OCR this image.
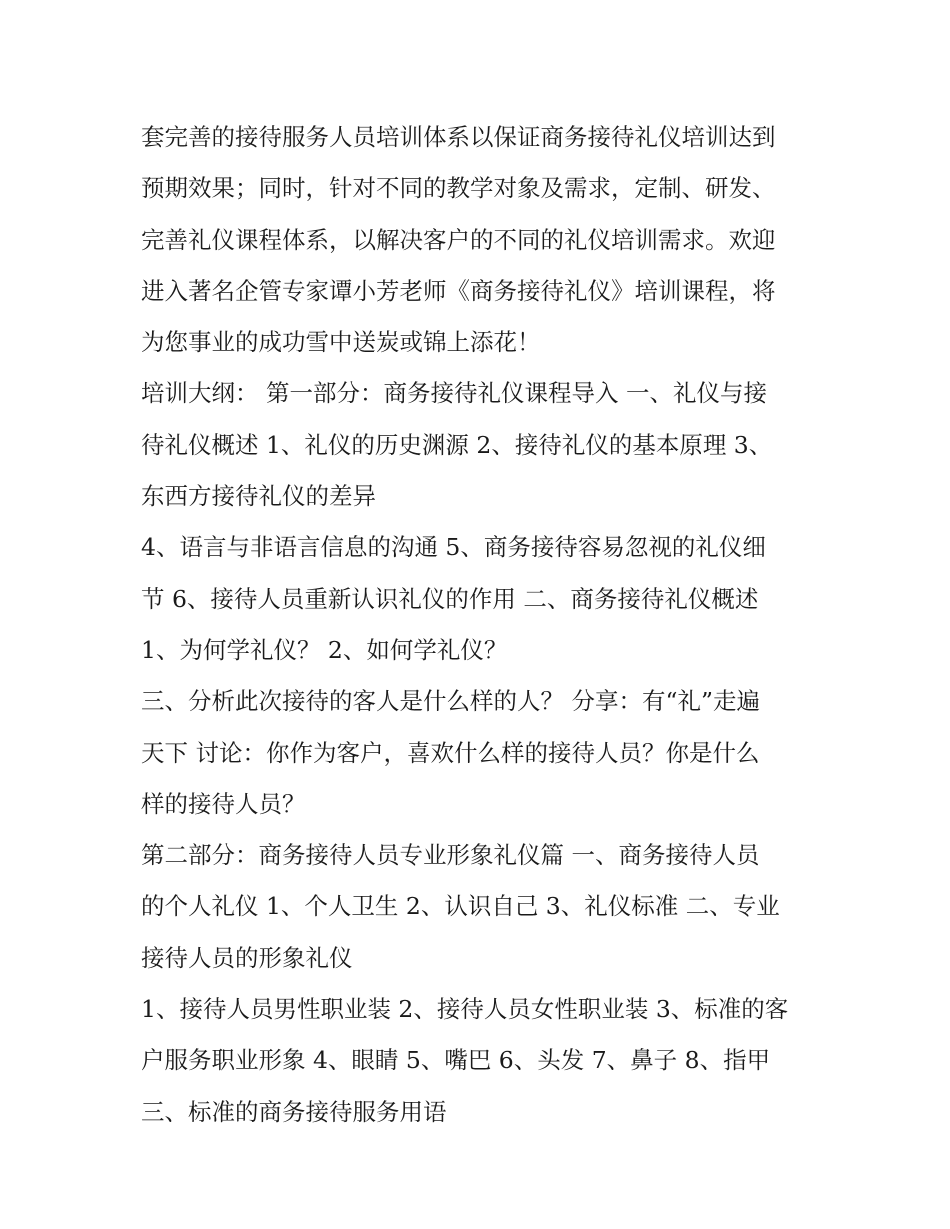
套完善的接待服务人员培训体系以保证商务接待礼仪培训达到
预期效果；同时，针对不同的教学对象及需求，定制、研发、
完善礼仪课程体系，以解决客户的不同的礼仪培训需求。欢迎
进入著名企管专家谭小芳老师《商务接待礼仪》培训课程，将
为您事业的成功雪中送炭或锦上添花！
培训大纲： 第一部分：商务接待礼仪课程导入 一、礼仪与接
待礼仪概述 1、礼仪的历史渊源 2、接待礼仪的基本原理 3、
东西方接待礼仪的差异
4、语言与非语言信息的沟通 5、商务接待容易忽视的礼仪细
节 6、接待人员重新认识礼仪的作用 二、商务接待礼仪概述
1、为何学礼仪？ 2、如何学礼仪？
三、分析此次接待的客人是什么样的人？ 分享：有“礼”走遍
天下 讨论：你作为客户，喜欢什么样的接待人员？你是什么
样的接待人员？
第二部分：商务接待人员专业形象礼仪篇 一、商务接待人员
的个人礼仪 1、个人卫生 2、认识自己 3、礼仪标准 二、专业
接待人员的形象礼仪
1、接待人员男性职业装 2、接待人员女性职业装 3、标准的客
户服务职业形象 4、眼睛 5、嘴巴 6、头发 7、鼻子 8、指甲
三、标准的商务接待服务用语
